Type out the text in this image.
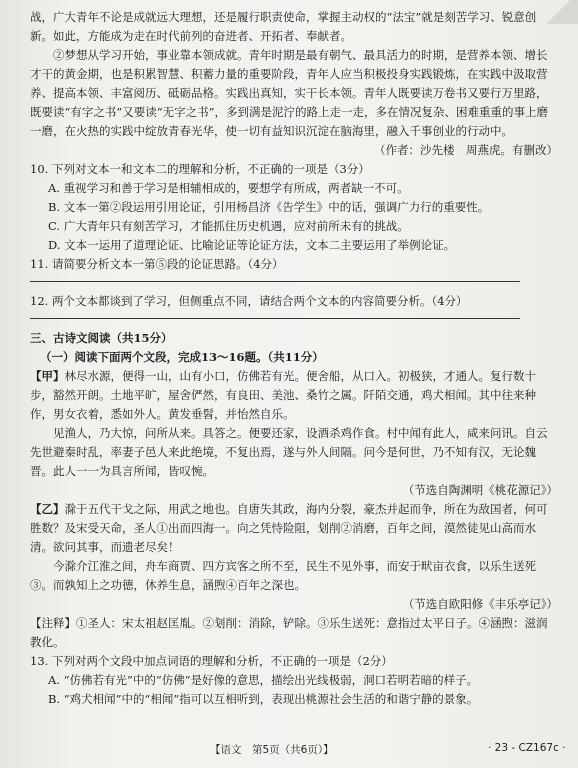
战，广大青年不论是成就远大理想，还是履行职责使命，掌握主动权的“法宝”就是刻苦学习、锐意创新。如此，方能成为走在时代前列的奋进者、开拓者、奉献者。

②梦想从学习开始，事业靠本领成就。青年时期是最有朝气、最具活力的时期，是营养本领、增长才干的黄金期，也是积累智慧、积蓄力量的重要阶段，青年人应当积极投身实践锻炼，在实践中汲取营养、提高本领、丰富阅历、砥砺品格。实践出真知，实干长本领。青年人既要读万卷书又要行万里路，既要读“有字之书”又要读“无字之书”，多到满是泥泞的路上走一走，多在情况复杂、困难重重的事上磨一磨，在火热的实践中绽放青春光华，使一切有益知识沉淀在脑海里，融入千事创业的行动中。

（作者：沙先楼　周燕虎。有删改）

10. 下列对文本一和文本二的理解和分析，不正确的一项是（3分）

A. 重视学习和善于学习是相辅相成的，要想学有所成，两者缺一不可。

B. 文本一第②段运用引用论证，引用杨昌济《告学生》中的话，强调广力行的重要性。

C. 广大青年只有刻苦学习，才能抓住历史机遇，应对前所未有的挑战。

D. 文本一运用了道理论证、比喻论证等论证方法，文本二主要运用了举例论证。

11. 请简要分析文本一第⑤段的论证思路。（4分）

12. 两个文本都谈到了学习，但侧重点不同，请结合两个文本的内容简要分析。（4分）

三、古诗文阅读（共15分）

（一）阅读下面两个文段，完成13～16题。（共11分）

【甲】林尽水源，便得一山，山有小口，仿佛若有光。便舍船，从口入。初极狭，才通人。复行数十步，豁然开朗。土地平旷，屋舍俨然，有良田、美池、桑竹之属。阡陌交通，鸡犬相闻。其中往来种作，男女衣着，悉如外人。黄发垂髫，并怡然自乐。

见渔人，乃大惊，问所从来。具答之。便要还家，设酒杀鸡作食。村中闻有此人，咸来问讯。自云先世避秦时乱，率妻子邑人来此绝境，不复出焉，遂与外人间隔。问今是何世，乃不知有汉，无论魏晋。此人一一为具言所闻，皆叹惋。

（节选自陶渊明《桃花源记》）

【乙】滁于五代干戈之际，用武之地也。自唐失其政，海内分裂，豪杰并起而争，所在为敌国者，何可胜数？及宋受天命，圣人①出而四海一。向之凭恃险阻，刬削②消磨，百年之间，漠然徒见山高而水清。欲问其事，而遗老尽矣！

今滁介江淮之间，舟车商贾、四方宾客之所不至，民生不见外事，而安于畎亩衣食，以乐生送死③。而孰知上之功德，休养生息，涵煦④百年之深也。

（节选自欧阳修《丰乐亭记》）

【注释】①圣人：宋太祖赵匡胤。②刬削：消除，铲除。③乐生送死：意指过太平日子。④涵煦：滋润教化。

13. 下列对两个文段中加点词语的理解和分析，不正确的一项是（2分）

A. “仿佛若有光”中的“仿佛”是好像的意思，描绘出光线极弱，洞口若明若暗的样子。

B. “鸡犬相闻”中的“相闻”指可以互相听到，表现出桃源社会生活的和谐宁静的景象。

【语文　第5页（共6页）】	· 23 - CZ167c ·
